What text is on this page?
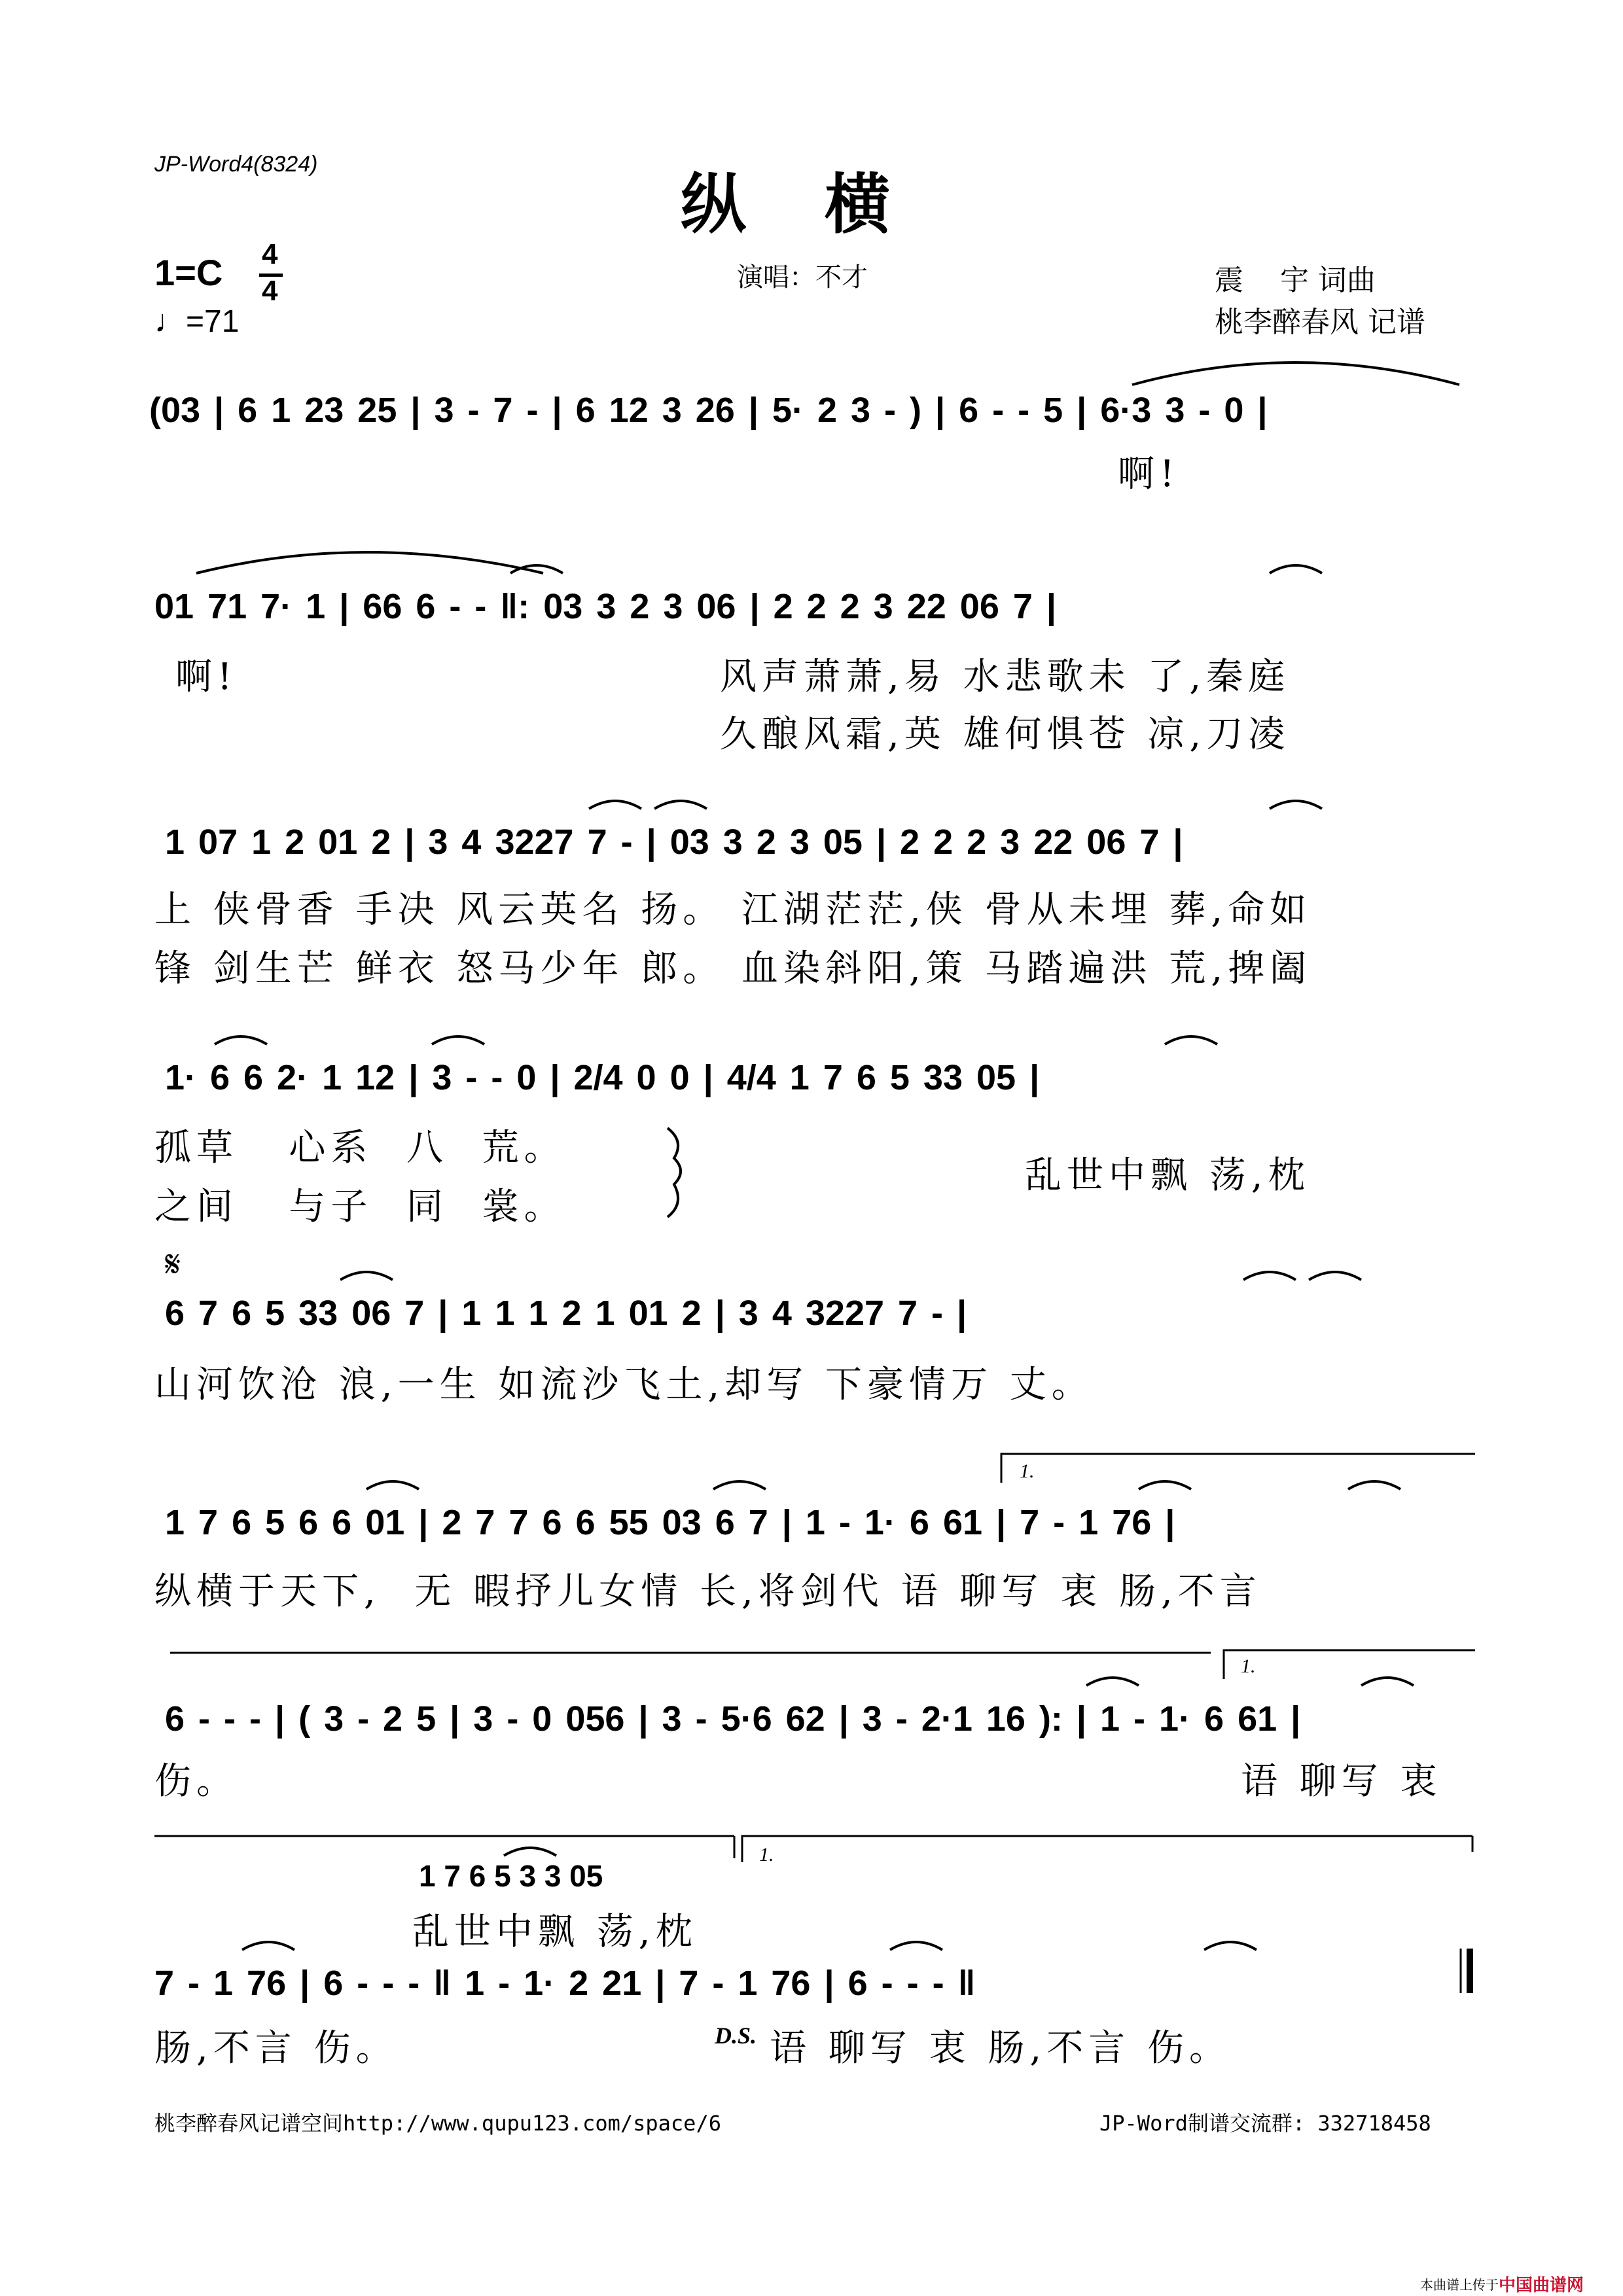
JP-Word4(8324)
纵横
1=C 4
4
♩=71
演唱：不才	震    宇 词曲
桃李醉春风 记谱
(03 | 6 1 23 25 | 3 - 7 - | 6 12 3 26 | 5· 2 3 - ) | 6 - - 5 | 6·3 3 - 0 |
啊!
01 71 7· 1 | 66 6 - - ‖: 03 3 2 3 06 | 2 2 2 3 22 06 7 |
啊!	风声萧萧,易 水悲歌未 了,秦庭
久酿风霜,英 雄何惧苍 凉,刀凌
1 07 1 2 01 2 | 3 4 3227 7 - | 03 3 2 3 05 | 2 2 2 3 22 06 7 |
上 侠骨香 手决 风云英名 扬。 江湖茫茫,侠 骨从未埋 葬,命如
锋 剑生芒 鲜衣 怒马少年 郎。 血染斜阳,策 马踏遍洪 荒,捭阖
1· 6 6 2· 1 12 | 3 - - 0 | 2/4 0 0 | 4/4 1 7 6 5 33 05 |
孤草   心系  八  荒。
之间   与子  同  裳。
乱世中飘 荡,枕
𝄋
6 7 6 5 33 06 7 | 1 1 1 2 1 01 2 | 3 4 3227 7 - |
山河饮沧 浪,一生 如流沙飞土,却写 下豪情万 丈。
1.
1 7 6 5 6 6 01 | 2 7 7 6 6 55 03 6 7 | 1 - 1· 6 61 | 7 - 1 76 |
纵横于天下,  无 暇抒儿女情 长,将剑代 语 聊写 衷 肠,不言
1.
6 - - - | ( 3 - 2 5 | 3 - 0 056 | 3 - 5·6 62 | 3 - 2·1 16 ): | 1 - 1· 6 61 |
伤。	语 聊写 衷
1 7 6 5 3 3 05
乱世中飘 荡,枕
1.
7 - 1 76 | 6 - - - ‖ 1 - 1· 2 21 | 7 - 1 76 | 6 - - - ‖
肠,不言 伤。	D.S. 语 聊写 衷 肠,不言 伤。
桃李醉春风记谱空间http://www.qupu123.com/space/6	JP-Word制谱交流群: 332718458
本曲谱上传于 中国曲谱网
